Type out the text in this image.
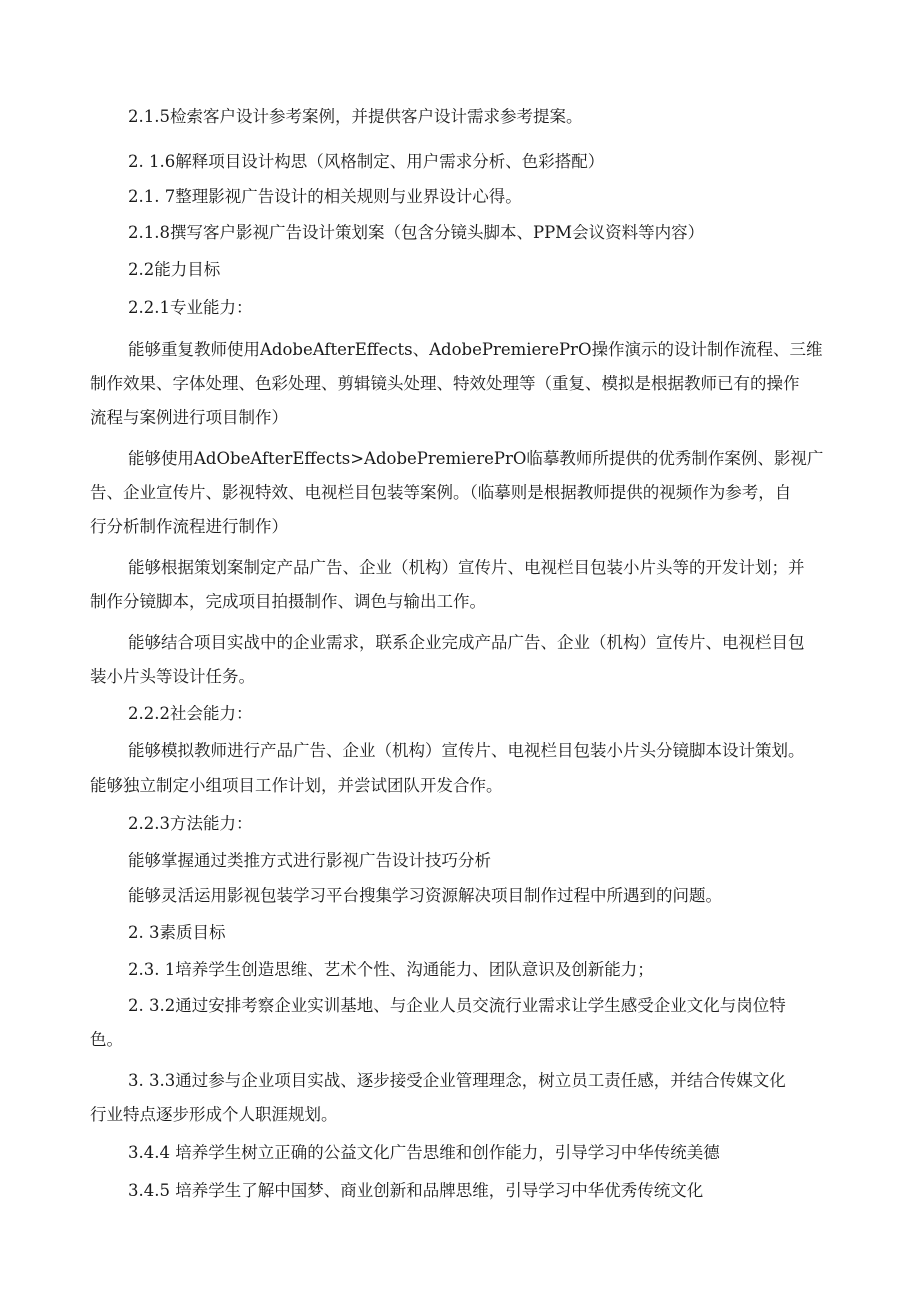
2.1.5检索客户设计参考案例，并提供客户设计需求参考提案。

2. 1.6解释项目设计构思（风格制定、用户需求分析、色彩搭配）

2.1. 7整理影视广告设计的相关规则与业界设计心得。

2.1.8撰写客户影视广告设计策划案（包含分镜头脚本、PPM会议资料等内容）

2.2能力目标

2.2.1专业能力：

能够重复教师使用AdobeAfterEffects、AdobePremierePrO操作演示的设计制作流程、三维

制作效果、字体处理、色彩处理、剪辑镜头处理、特效处理等（重复、模拟是根据教师已有的操作

流程与案例进行项目制作）

能够使用AdObeAfterEffects>AdobePremierePrO临摹教师所提供的优秀制作案例、影视广

告、企业宣传片、影视特效、电视栏目包装等案例。（临摹则是根据教师提供的视频作为参考，自

行分析制作流程进行制作）

能够根据策划案制定产品广告、企业（机构）宣传片、电视栏目包装小片头等的开发计划；并

制作分镜脚本，完成项目拍摄制作、调色与输出工作。

能够结合项目实战中的企业需求，联系企业完成产品广告、企业（机构）宣传片、电视栏目包

装小片头等设计任务。

2.2.2社会能力：

能够模拟教师进行产品广告、企业（机构）宣传片、电视栏目包装小片头分镜脚本设计策划。

能够独立制定小组项目工作计划，并尝试团队开发合作。

2.2.3方法能力：

能够掌握通过类推方式进行影视广告设计技巧分析

能够灵活运用影视包装学习平台搜集学习资源解决项目制作过程中所遇到的问题。

2. 3素质目标

2.3. 1培养学生创造思维、艺术个性、沟通能力、团队意识及创新能力；

2. 3.2通过安排考察企业实训基地、与企业人员交流行业需求让学生感受企业文化与岗位特

色。

3. 3.3通过参与企业项目实战、逐步接受企业管理理念，树立员工责任感，并结合传媒文化

行业特点逐步形成个人职涯规划。

3.4.4 培养学生树立正确的公益文化广告思维和创作能力，引导学习中华传统美德

3.4.5 培养学生了解中国梦、商业创新和品牌思维，引导学习中华优秀传统文化
